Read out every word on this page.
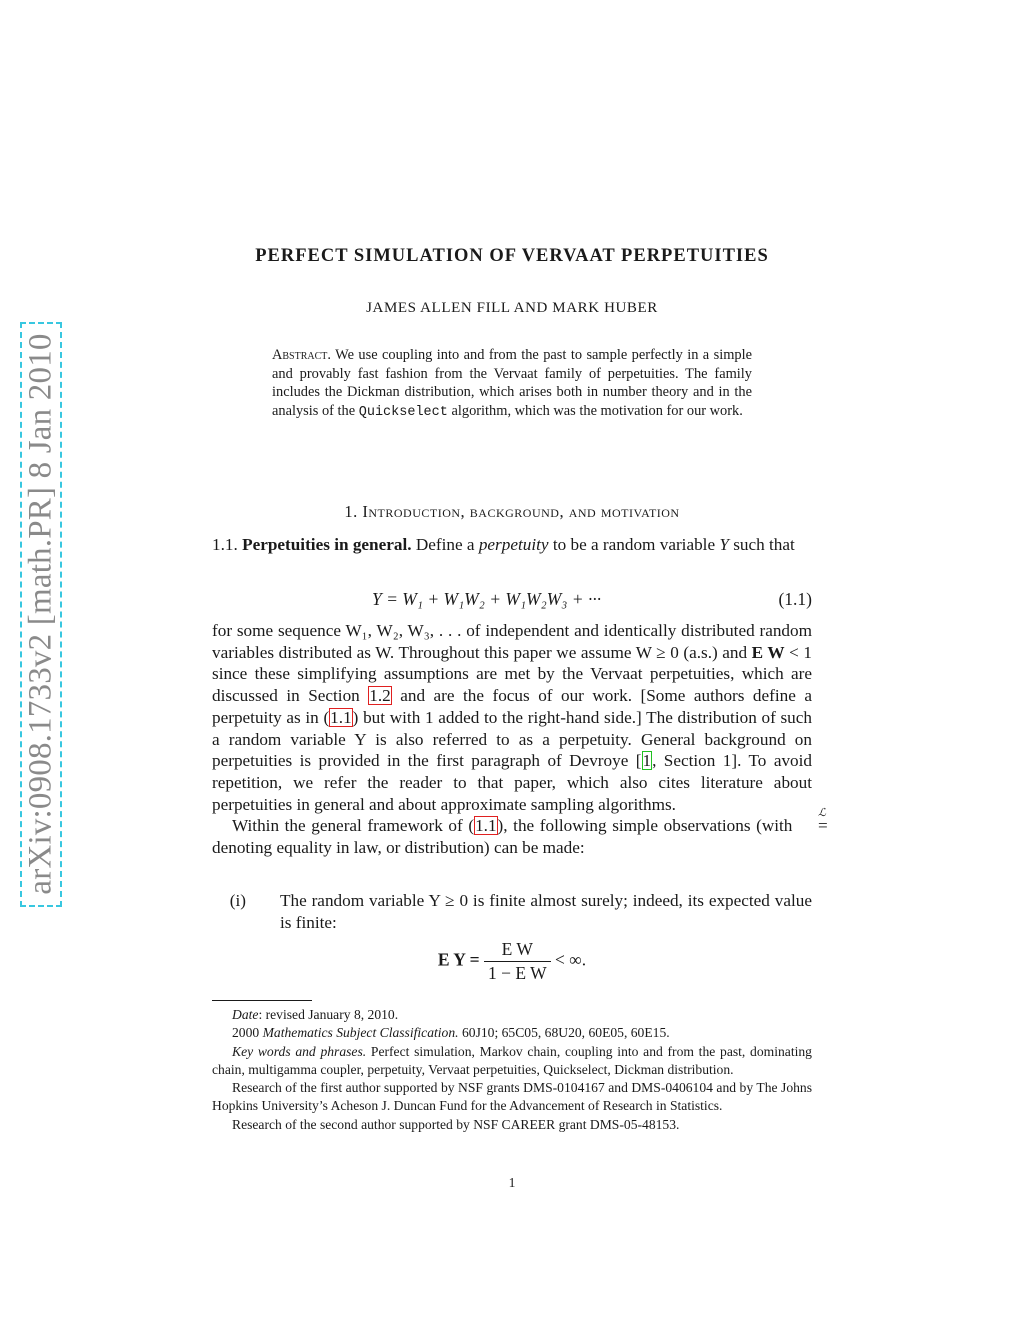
arXiv:0908.1733v2 [math.PR] 8 Jan 2010
PERFECT SIMULATION OF VERVAAT PERPETUITIES
JAMES ALLEN FILL AND MARK HUBER
Abstract. We use coupling into and from the past to sample perfectly in a simple and provably fast fashion from the Vervaat family of perpetuities. The family includes the Dickman distribution, which arises both in number theory and in the analysis of the Quickselect algorithm, which was the motivation for our work.
1. Introduction, background, and motivation

1.1. Perpetuities in general. Define a perpetuity to be a random variable Y such that

Y = W₁ + W₁W₂ + W₁W₂W₃ + ···	(1.1)

for some sequence W₁, W₂, W₃, . . . of independent and identically distributed random variables distributed as W. Throughout this paper we assume W ≥ 0 (a.s.) and E W < 1 since these simplifying assumptions are met by the Vervaat perpetuities, which are discussed in Section 1.2 and are the focus of our work. [Some authors define a perpetuity as in (1.1) but with 1 added to the right-hand side.] The distribution of such a random variable Y is also referred to as a perpetuity. General background on perpetuities is provided in the first paragraph of Devroye [1, Section 1]. To avoid repetition, we refer the reader to that paper, which also cites literature about perpetuities in general and about approximate sampling algorithms.

Within the general framework of (1.1), the following simple observations (with
ℒ
= denoting equality in law, or distribution) can be made:

(i)	The random variable Y ≥ 0 is finite almost surely; indeed, its expected value is finite:

E $Y = \frac{\text{E W}}{\text{1 − E W}}$ < ∞.

Date: revised January 8, 2010.

2000 Mathematics Subject Classification. 60J10; 65C05, 68U20, 60E05, 60E15.

Key words and phrases. Perfect simulation, Markov chain, coupling into and from the past, dominating chain, multigamma coupler, perpetuity, Vervaat perpetuities, Quickselect, Dickman distribution.

Research of the first author supported by NSF grants DMS-0104167 and DMS-0406104 and by The Johns Hopkins University’s Acheson J. Duncan Fund for the Advancement of Research in Statistics.

Research of the second author supported by NSF CAREER grant DMS-05-48153.

1
